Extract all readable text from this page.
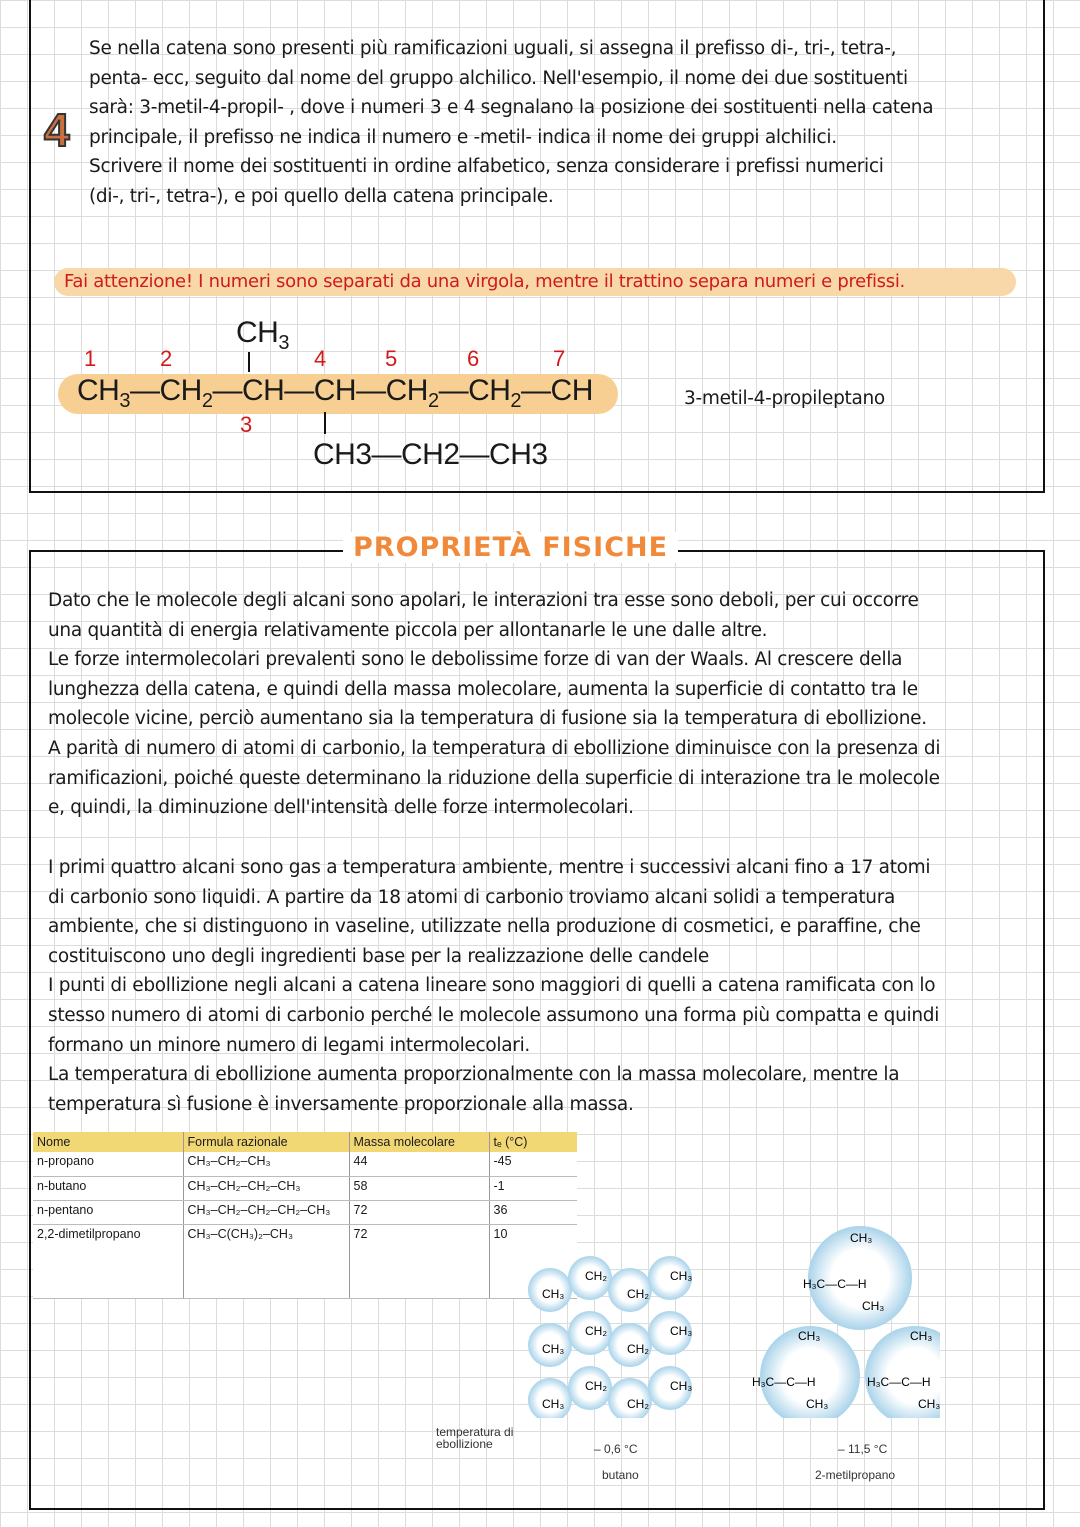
4
Se nella catena sono presenti più ramificazioni uguali, si assegna il prefisso di-, tri-, tetra-,
penta- ecc, seguito dal nome del gruppo alchilico. Nell'esempio, il nome dei due sostituenti
sarà: 3-metil-4-propil- , dove i numeri 3 e 4 segnalano la posizione dei sostituenti nella catena
principale, il prefisso ne indica il numero e -metil- indica il nome dei gruppi alchilici.
Scrivere il nome dei sostituenti in ordine alfabetico, senza considerare i prefissi numerici
(di-, tri-, tetra-), e poi quello della catena principale.
Fai attenzione! I numeri sono separati da una virgola, mentre il trattino separa numeri e prefissi.
$CH_3$
$CH_3—CH_2—CH—CH—CH_2—CH_2—CH$
CH3—CH2—CH3
1	2
3
4	5	6	7
3-metil-4-propileptano
PROPRIETÀ FISICHE
Dato che le molecole degli alcani sono apolari, le interazioni tra esse sono deboli, per cui occorre
una quantità di energia relativamente piccola per allontanarle le une dalle altre.
Le forze intermolecolari prevalenti sono le debolissime forze di van der Waals. Al crescere della
lunghezza della catena, e quindi della massa molecolare, aumenta la superficie di contatto tra le
molecole vicine, perciò aumentano sia la temperatura di fusione sia la temperatura di ebollizione.
A parità di numero di atomi di carbonio, la temperatura di ebollizione diminuisce con la presenza di
ramificazioni, poiché queste determinano la riduzione della superficie di interazione tra le molecole
e, quindi, la diminuzione dell'intensità delle forze intermolecolari.
I primi quattro alcani sono gas a temperatura ambiente, mentre i successivi alcani fino a 17 atomi
di carbonio sono liquidi. A partire da 18 atomi di carbonio troviamo alcani solidi a temperatura
ambiente, che si distinguono in vaseline, utilizzate nella produzione di cosmetici, e paraffine, che
costituiscono uno degli ingredienti base per la realizzazione delle candele
I punti di ebollizione negli alcani a catena lineare sono maggiori di quelli a catena ramificata con lo
stesso numero di atomi di carbonio perché le molecole assumono una forma più compatta e quindi
formano un minore numero di legami intermolecolari.
La temperatura di ebollizione aumenta proporzionalmente con la massa molecolare, mentre la
temperatura sì fusione è inversamente proporzionale alla massa.
Nome	Formula razionale	Massa molecolare	tₑ (°C)
n-propano	CH₃–CH₂–CH₃	44	-45
n-butano	CH₃–CH₂–CH₂–CH₃	58	-1
n-pentano	CH₃–CH₂–CH₂–CH₂–CH₃	72	36
2,2-dimetilpropano	CH₃–C(CH₃)₂–CH₃	72	10
CH₃
CH₂
CH₂
CH₃
CH₃
H₃C—C—H
CH₃
CH₃
H₃C—C—H
CH₃
CH₃
H₃C—C—H
CH₃
temperatura di ebollizione	– 0,6 °C
butano
– 11,5 °C
2-metilpropano
